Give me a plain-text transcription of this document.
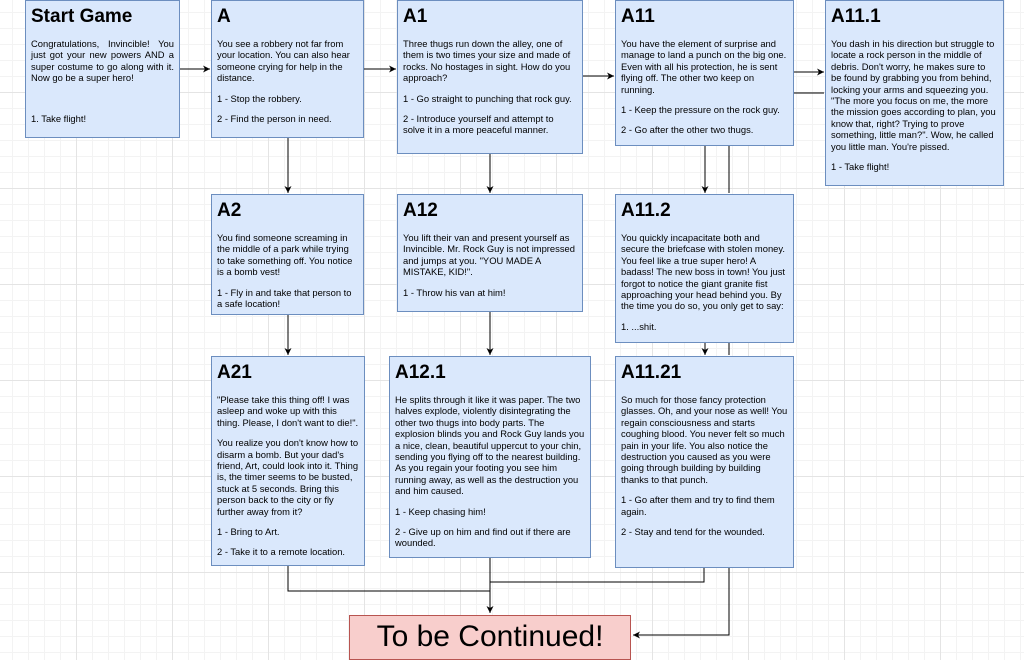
Start Game

Congratulations, Invincible! You just got your new powers AND a super costume to go along with it. Now go be a super hero!

1. Take flight!

A

You see a robbery not far from your location. You can also hear someone crying for help in the distance.

1 - Stop the robbery.

2 - Find the person in need.

A1

Three thugs run down the alley, one of them is two times your size and made of rocks. No hostages in sight. How do you approach?

1 - Go straight to punching that rock guy.

2 - Introduce yourself and attempt to solve it in a more peaceful manner.

A11

You have the element of surprise and manage to land a punch on the big one. Even with all his protection, he is sent flying off. The other two keep on running.

1 - Keep the pressure on the rock guy.

2 - Go after the other two thugs.

A11.1

You dash in his direction but struggle to locate a rock person in the middle of debris. Don't worry, he makes sure to be found by grabbing you from behind, locking your arms and squeezing you. "The more you focus on me, the more the mission goes according to plan, you know that, right? Trying to prove something, little man?". Wow, he called you little man. You're pissed.

1 - Take flight!

A2

You find someone screaming in the middle of a park while trying to take something off. You notice is a bomb vest!

1 - Fly in and take that person to a safe location!

A12

You lift their van and present yourself as Invincible. Mr. Rock Guy is not impressed and jumps at you. "YOU MADE A MISTAKE, KID!".

1 - Throw his van at him!

A11.2

You quickly incapacitate both and secure the briefcase with stolen money. You feel like a true super hero! A badass! The new boss in town! You just forgot to notice the giant granite fist approaching your head behind you. By the time you do so, you only get to say:

1. ...shit.

A21

"Please take this thing off! I was asleep and woke up with this thing. Please, I don't want to die!".

You realize you don't know how to disarm a bomb. But your dad's friend, Art, could look into it. Thing is, the timer seems to be busted, stuck at 5 seconds. Bring this person back to the city or fly further away from it?

1 - Bring to Art.

2 - Take it to a remote location.

A12.1

He splits through it like it was paper. The two halves explode, violently disintegrating the other two thugs into body parts. The explosion blinds you and Rock Guy lands you a nice, clean, beautiful uppercut to your chin, sending you flying off to the nearest building. As you regain your footing you see him running away, as well as the destruction you and him caused.

1 - Keep chasing him!

2 - Give up on him and find out if there are wounded.

A11.21

So much for those fancy protection glasses. Oh, and your nose as well! You regain consciousness and starts coughing blood. You never felt so much pain in your life. You also notice the destruction you caused as you were going through building by building thanks to that punch.

1 - Go after them and try to find them again.

2 - Stay and tend for the wounded.

To be Continued!
